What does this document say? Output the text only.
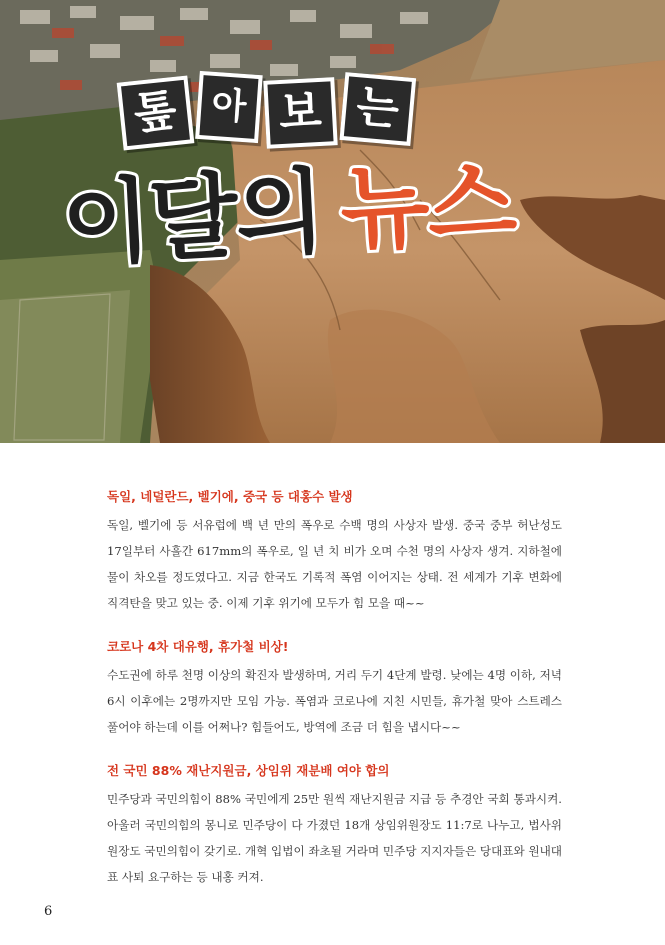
톺 아 보 는
이달의 뉴스

독일, 네덜란드, 벨기에, 중국 등 대홍수 발생

독일, 벨기에 등 서유럽에 백 년 만의 폭우로 수백 명의 사상자 발생. 중국 중부 허난성도 17일부터 사흘간 617mm의 폭우로, 일 년 치 비가 오며 수천 명의 사상자 생겨. 지하철에 물이 차오를 정도였다고. 지금 한국도 기록적 폭염 이어지는 상태. 전 세계가 기후 변화에 직격탄을 맞고 있는 중. 이제 기후 위기에 모두가 힘 모을 때~~

코로나 4차 대유행, 휴가철 비상!

수도권에 하루 천명 이상의 확진자 발생하며, 거리 두기 4단계 발령. 낮에는 4명 이하, 저녁 6시 이후에는 2명까지만 모임 가능. 폭염과 코로나에 지친 시민들, 휴가철 맞아 스트레스 풀어야 하는데 이를 어쩌나? 힘들어도, 방역에 조금 더 힘을 냅시다~~

전 국민 88% 재난지원금, 상임위 재분배 여야 합의

민주당과 국민의힘이 88% 국민에게 25만 원씩 재난지원금 지급 등 추경안 국회 통과시켜. 아울러 국민의힘의 몽니로 민주당이 다 가졌던 18개 상임위원장도 11:7로 나누고, 법사위원장도 국민의힘이 갖기로. 개혁 입법이 좌초될 거라며 민주당 지지자들은 당대표와 원내대표 사퇴 요구하는 등 내홍 커져.

6
